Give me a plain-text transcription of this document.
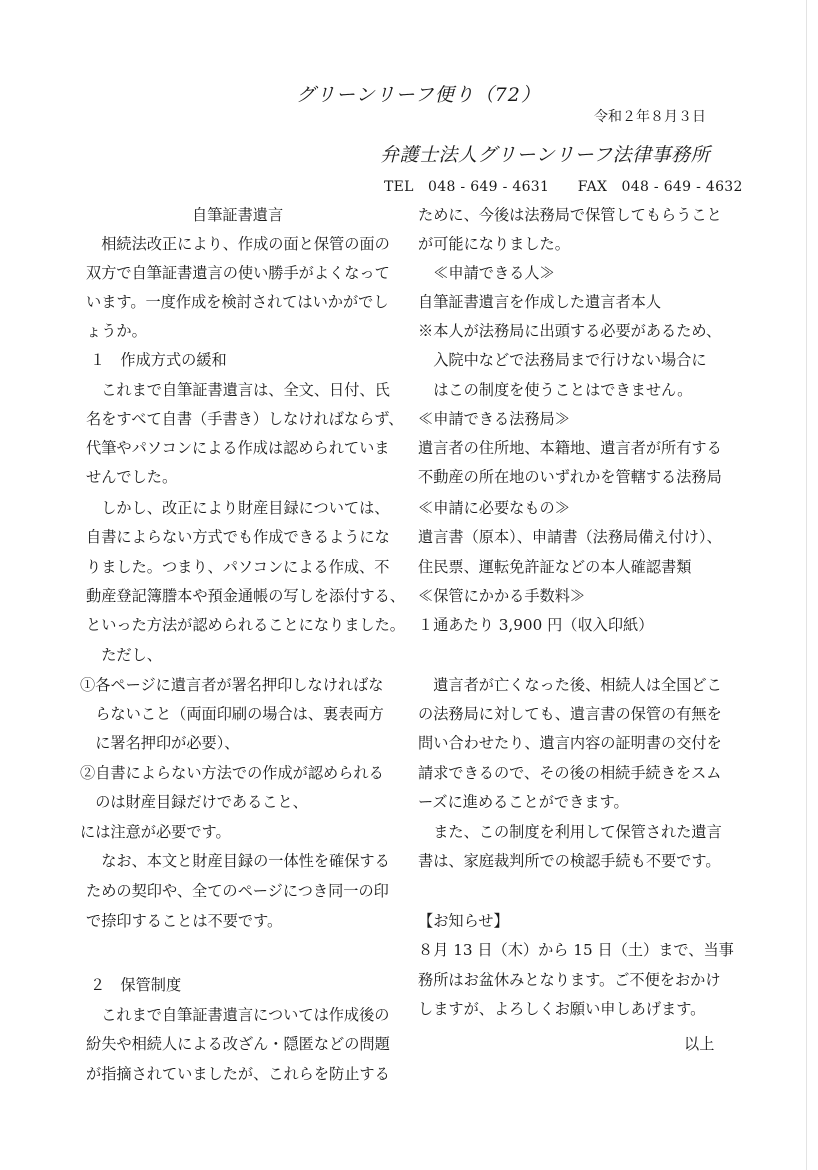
グリーンリーフ便り（72）
令和２年８月３日
弁護士法人グリーンリーフ法律事務所
TEL　048 - 649 - 4631　　FAX　048 - 649 - 4632
自筆証書遺言
　相続法改正により、作成の面と保管の面の
双方で自筆証書遺言の使い勝手がよくなって
います。一度作成を検討されてはいかがでし
ょうか。
１　作成方式の緩和
　これまで自筆証書遺言は、全文、日付、氏
名をすべて自書（手書き）しなければならず、
代筆やパソコンによる作成は認められていま
せんでした。
　しかし、改正により財産目録については、
自書によらない方式でも作成できるようにな
りました。つまり、パソコンによる作成、不
動産登記簿謄本や預金通帳の写しを添付する、
といった方法が認められることになりました。
　ただし、
①各ページに遺言者が署名押印しなければな
　らないこと（両面印刷の場合は、裏表両方
　に署名押印が必要）、
②自書によらない方法での作成が認められる
　のは財産目録だけであること、
には注意が必要です。
　なお、本文と財産目録の一体性を確保する
ための契印や、全てのページにつき同一の印
で捺印することは不要です。
２　保管制度
　これまで自筆証書遺言については作成後の
紛失や相続人による改ざん・隠匿などの問題
が指摘されていましたが、これらを防止する
ために、今後は法務局で保管してもらうこと
が可能になりました。
　≪申請できる人≫
自筆証書遺言を作成した遺言者本人
※本人が法務局に出頭する必要があるため、
　入院中などで法務局まで行けない場合に
　はこの制度を使うことはできません。
≪申請できる法務局≫
遺言者の住所地、本籍地、遺言者が所有する
不動産の所在地のいずれかを管轄する法務局
≪申請に必要なもの≫
遺言書（原本）、申請書（法務局備え付け）、
住民票、運転免許証などの本人確認書類
≪保管にかかる手数料≫
１通あたり 3,900 円（収入印紙）
　遺言者が亡くなった後、相続人は全国どこ
の法務局に対しても、遺言書の保管の有無を
問い合わせたり、遺言内容の証明書の交付を
請求できるので、その後の相続手続きをスム
ーズに進めることができます。
　また、この制度を利用して保管された遺言
書は、家庭裁判所での検認手続も不要です。
【お知らせ】
８月 13 日（木）から 15 日（土）まで、当事
務所はお盆休みとなります。ご不便をおかけ
しますが、よろしくお願い申しあげます。
以上
